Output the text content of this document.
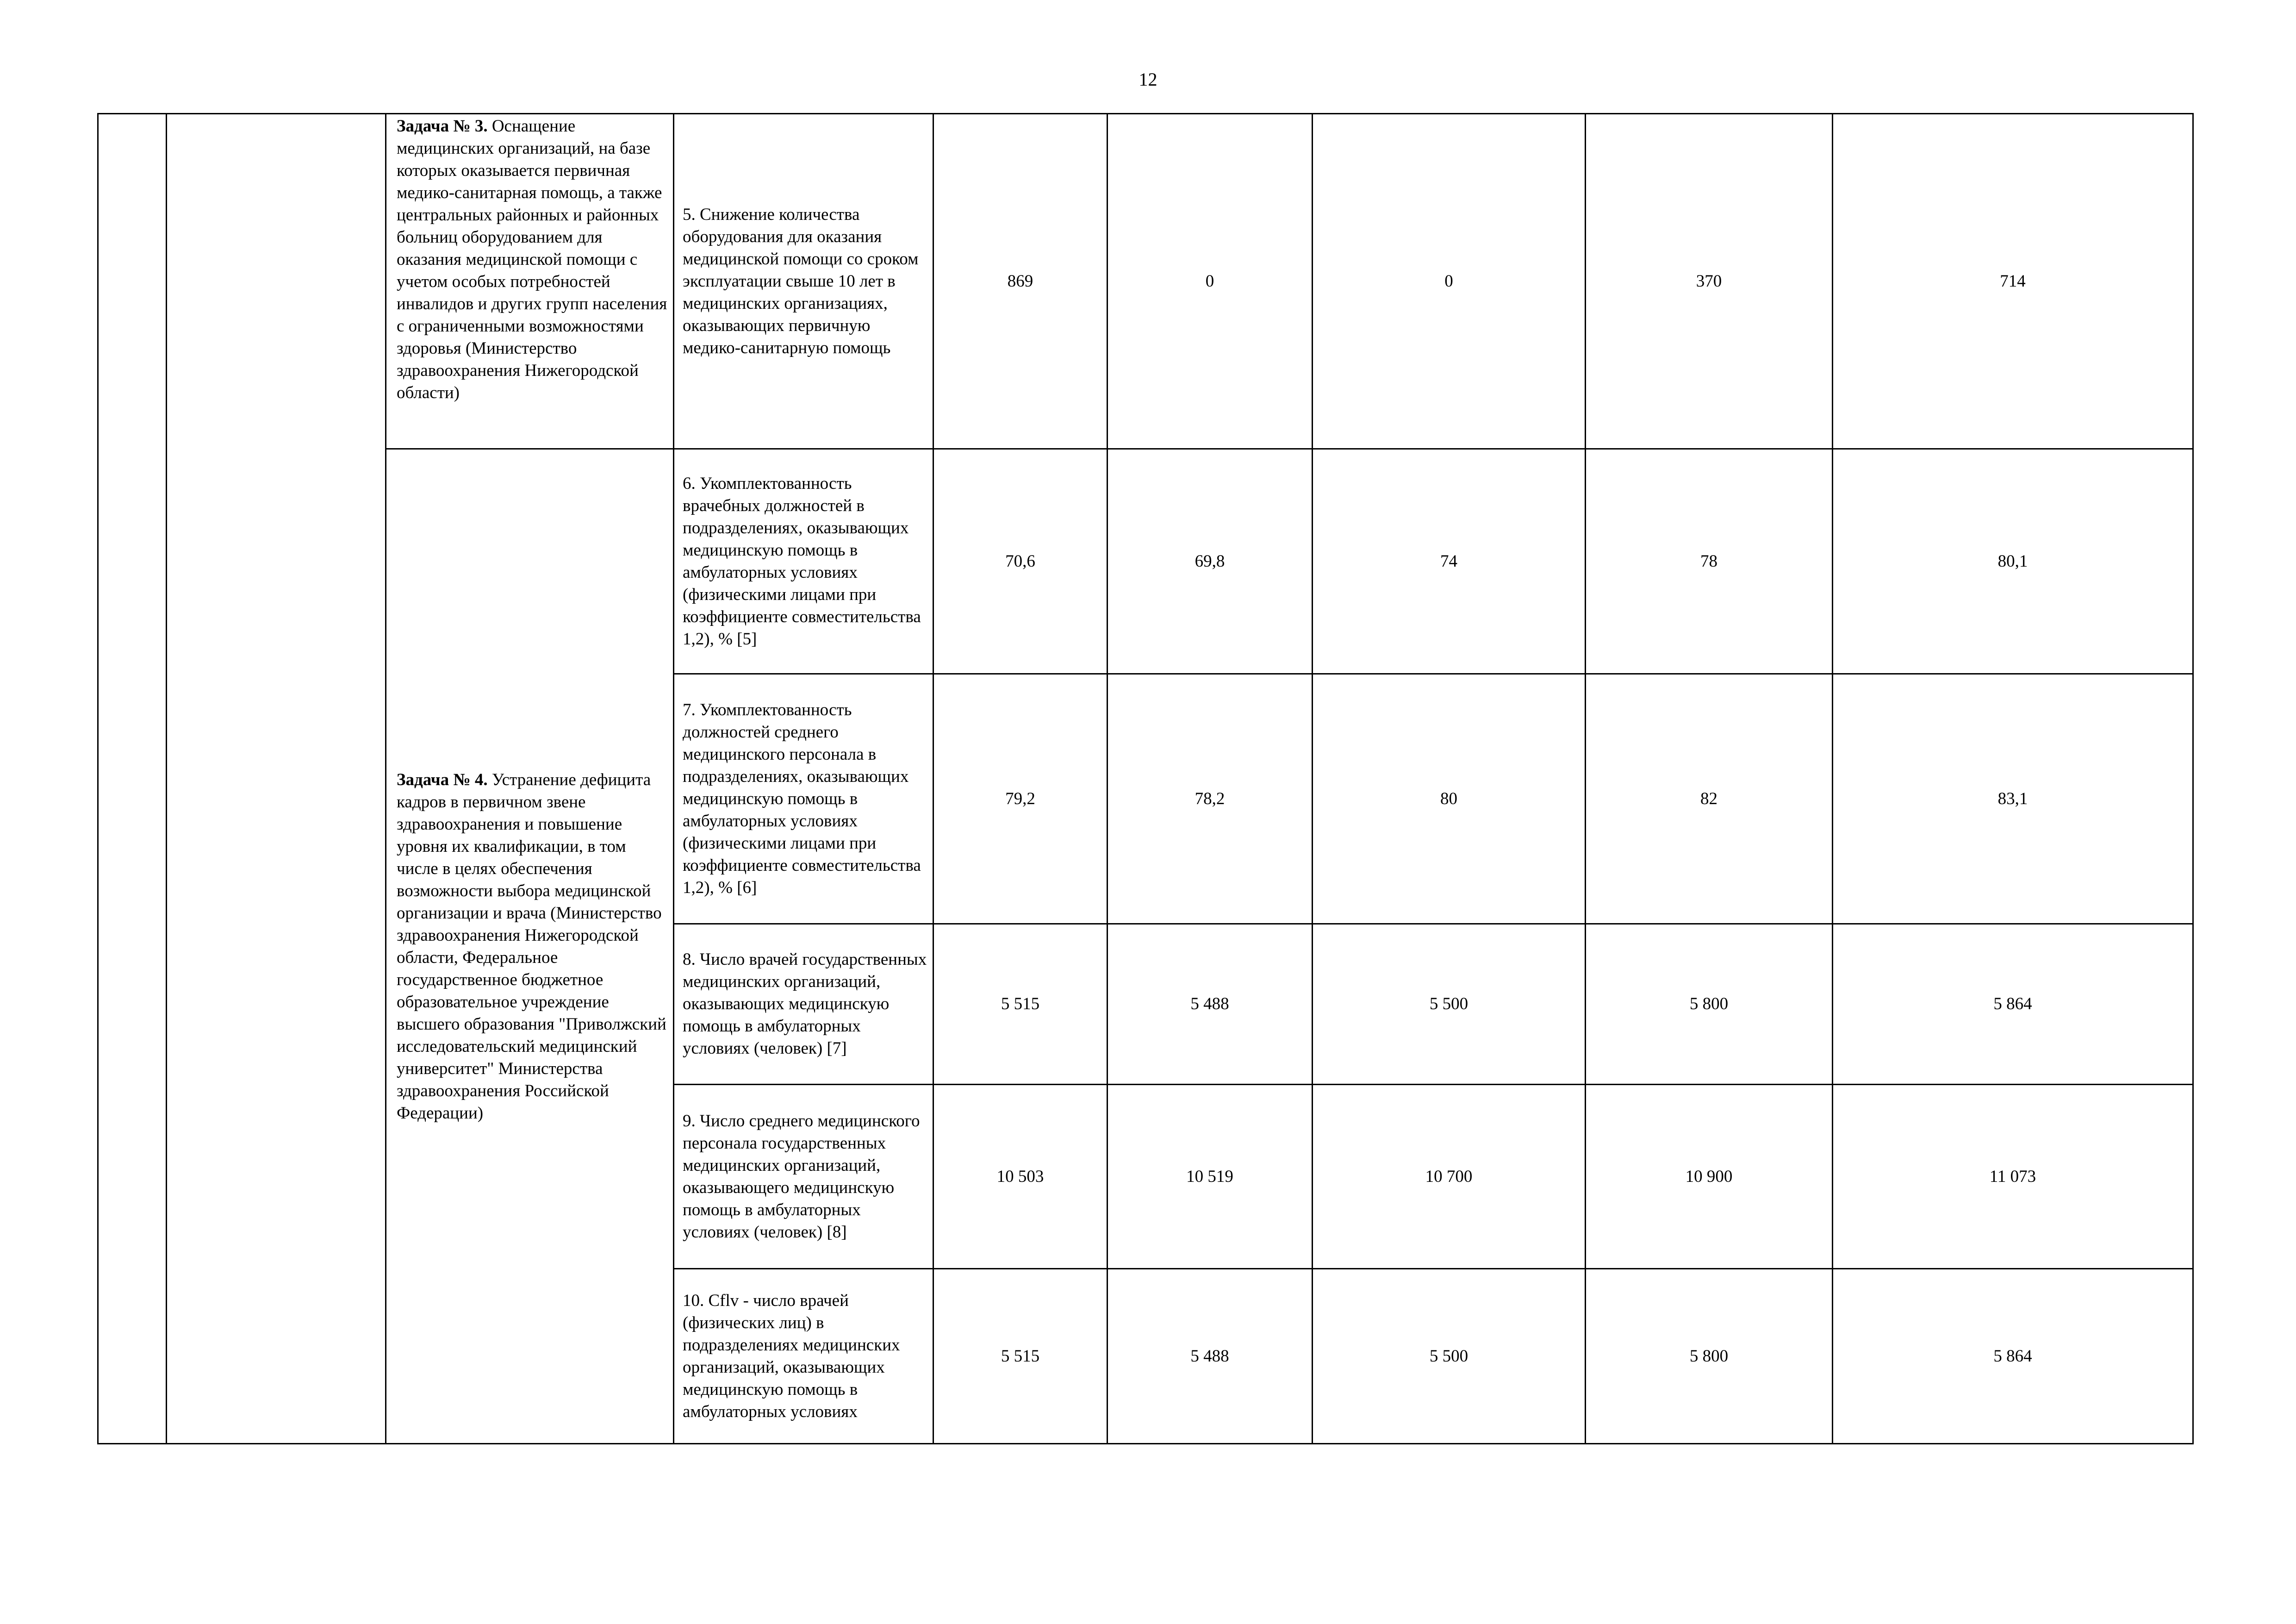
12
		Задача № 3. Оснащение медицинских организаций, на базе которых оказывается первичная медико-санитарная помощь, а также центральных районных и районных больниц оборудованием для оказания медицинской помощи с учетом особых потребностей инвалидов и других групп населения с ограниченными возможностями здоровья (Министерство здравоохранения Нижегородской области)	5. Снижение количества оборудования для оказания медицинской помощи со сроком эксплуатации свыше 10 лет в медицинских организациях, оказывающих первичную медико-санитарную помощь	869	0	0	370	714
		Задача № 4. Устранение дефицита кадров в первичном звене здравоохранения и повышение уровня их квалификации, в том числе в целях обеспечения возможности выбора медицинской организации и врача (Министерство здравоохранения Нижегородской области, Федеральное государственное бюджетное образовательное учреждение высшего образования "Приволжский исследовательский медицинский университет" Министерства здравоохранения Российской Федерации)	6. Укомплектованность врачебных должностей в подразделениях, оказывающих медицинскую помощь в амбулаторных условиях (физическими лицами при коэффициенте совместительства 1,2), % [5]	70,6	69,8	74	78	80,1
			7. Укомплектованность должностей среднего медицинского персонала в подразделениях, оказывающих медицинскую помощь в амбулаторных условиях (физическими лицами при коэффициенте совместительства 1,2), % [6]	79,2	78,2	80	82	83,1
			8. Число врачей государственных медицинских организаций, оказывающих медицинскую помощь в амбулаторных условиях (человек) [7]	5 515	5 488	5 500	5 800	5 864
			9. Число среднего медицинского персонала государственных медицинских организаций, оказывающего медицинскую помощь в амбулаторных условиях (человек) [8]	10 503	10 519	10 700	10 900	11 073
			10. Cflv - число врачей (физических лиц) в подразделениях медицинских организаций, оказывающих медицинскую помощь в амбулаторных условиях	5 515	5 488	5 500	5 800	5 864
